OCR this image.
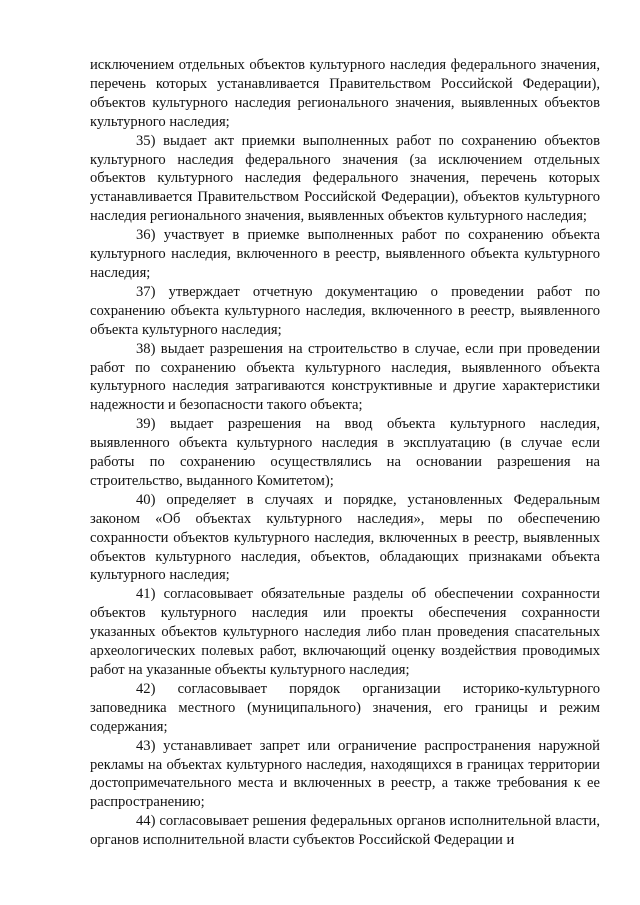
исключением отдельных объектов культурного наследия федерального значения, перечень которых устанавливается Правительством Российской Федерации), объектов культурного наследия регионального значения, выявленных объектов культурного наследия;

35) выдает акт приемки выполненных работ по сохранению объектов культурного наследия федерального значения (за исключением отдельных объектов культурного наследия федерального значения, перечень которых устанавливается Правительством Российской Федерации), объектов культурного наследия регионального значения, выявленных объектов культурного наследия;

36) участвует в приемке выполненных работ по сохранению объекта культурного наследия, включенного в реестр, выявленного объекта культурного наследия;

37) утверждает отчетную документацию о проведении работ по сохранению объекта культурного наследия, включенного в реестр, выявленного объекта культурного наследия;

38) выдает разрешения на строительство в случае, если при проведении работ по сохранению объекта культурного наследия, выявленного объекта культурного наследия затрагиваются конструктивные и другие характеристики надежности и безопасности такого объекта;

39) выдает разрешения на ввод объекта культурного наследия, выявленного объекта культурного наследия в эксплуатацию (в случае если работы по сохранению осуществлялись на основании разрешения на строительство, выданного Комитетом);

40) определяет в случаях и порядке, установленных Федеральным законом «Об объектах культурного наследия», меры по обеспечению сохранности объектов культурного наследия, включенных в реестр, выявленных объектов культурного наследия, объектов, обладающих признаками объекта культурного наследия;

41) согласовывает обязательные разделы об обеспечении сохранности объектов культурного наследия или проекты обеспечения сохранности указанных объектов культурного наследия либо план проведения спасательных археологических полевых работ, включающий оценку воздействия проводимых работ на указанные объекты культурного наследия;

42) согласовывает порядок организации историко-культурного заповедника местного (муниципального) значения, его границы и режим содержания;

43) устанавливает запрет или ограничение распространения наружной рекламы на объектах культурного наследия, находящихся в границах территории достопримечательного места и включенных в реестр, а также требования к ее распространению;

44) согласовывает решения федеральных органов исполнительной власти, органов исполнительной власти субъектов Российской Федерации и
